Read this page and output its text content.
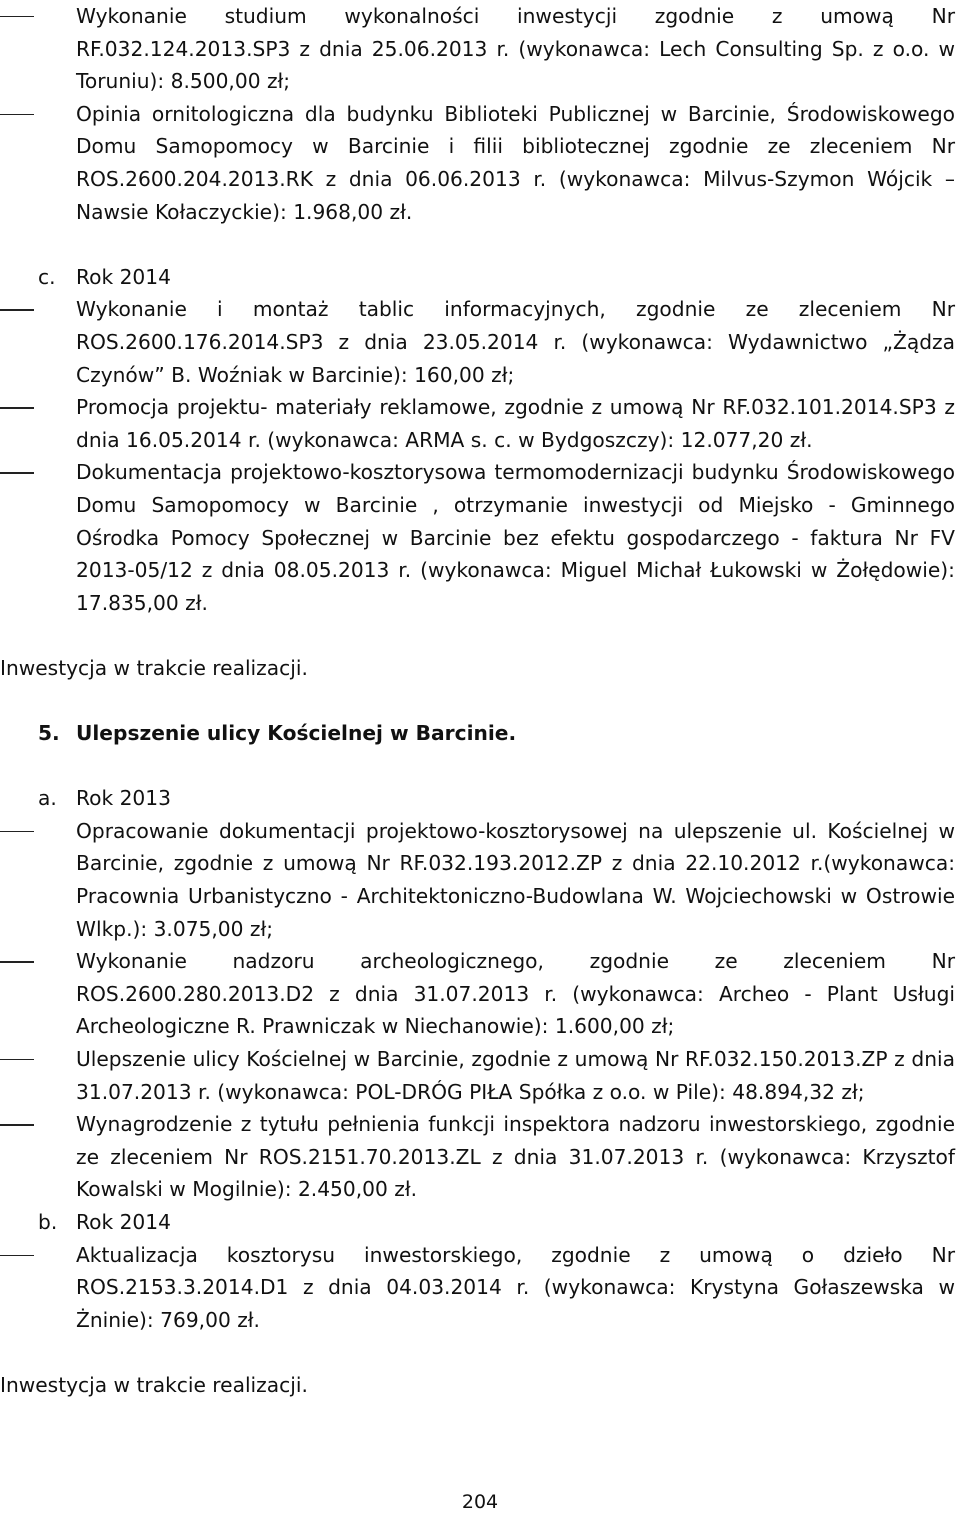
Wykonanie studium wykonalności inwestycji zgodnie z umową Nr RF.032.124.2013.SP3 z dnia 25.06.2013 r. (wykonawca: Lech Consulting Sp. z o.o. w Toruniu): 8.500,00 zł;

Opinia ornitologiczna dla budynku Biblioteki Publicznej w Barcinie, Środowiskowego Domu Samopomocy w Barcinie i filii bibliotecznej zgodnie ze zleceniem Nr ROS.2600.204.2013.RK z dnia 06.06.2013 r. (wykonawca: Milvus-Szymon Wójcik – Nawsie Kołaczyckie): 1.968,00 zł.

c. Rok 2014

Wykonanie i montaż tablic informacyjnych, zgodnie ze zleceniem Nr ROS.2600.176.2014.SP3 z dnia 23.05.2014 r. (wykonawca: Wydawnictwo „Żądza Czynów” B. Woźniak w Barcinie): 160,00 zł;

Promocja projektu- materiały reklamowe, zgodnie z umową Nr RF.032.101.2014.SP3 z dnia 16.05.2014 r. (wykonawca: ARMA s. c. w Bydgoszczy): 12.077,20 zł.

Dokumentacja projektowo-kosztorysowa termomodernizacji budynku Środowiskowego Domu Samopomocy w Barcinie , otrzymanie inwestycji od Miejsko - Gminnego Ośrodka Pomocy Społecznej w Barcinie bez efektu gospodarczego - faktura Nr FV 2013-05/12 z dnia 08.05.2013 r. (wykonawca: Miguel Michał Łukowski w Żołędowie): 17.835,00 zł.

Inwestycja w trakcie realizacji.

5. Ulepszenie ulicy Kościelnej w Barcinie.

a. Rok 2013

Opracowanie dokumentacji projektowo-kosztorysowej na ulepszenie ul. Kościelnej w Barcinie, zgodnie z umową Nr RF.032.193.2012.ZP z dnia 22.10.2012 r.(wykonawca: Pracownia Urbanistyczno - Architektoniczno-Budowlana W. Wojciechowski w Ostrowie Wlkp.): 3.075,00 zł;

Wykonanie nadzoru archeologicznego, zgodnie ze zleceniem Nr ROS.2600.280.2013.D2 z dnia 31.07.2013 r. (wykonawca: Archeo - Plant Usługi Archeologiczne R. Prawniczak w Niechanowie): 1.600,00 zł;

Ulepszenie ulicy Kościelnej w Barcinie, zgodnie z umową Nr RF.032.150.2013.ZP z dnia 31.07.2013 r. (wykonawca: POL-DRÓG PIŁA Spółka z o.o. w Pile): 48.894,32 zł;

Wynagrodzenie z tytułu pełnienia funkcji inspektora nadzoru inwestorskiego, zgodnie ze zleceniem Nr ROS.2151.70.2013.ZL z dnia 31.07.2013 r. (wykonawca: Krzysztof Kowalski w Mogilnie): 2.450,00 zł.

b. Rok 2014

Aktualizacja kosztorysu inwestorskiego, zgodnie z umową o dzieło Nr ROS.2153.3.2014.D1 z dnia 04.03.2014 r. (wykonawca: Krystyna Gołaszewska w Żninie): 769,00 zł.

Inwestycja w trakcie realizacji.

204
